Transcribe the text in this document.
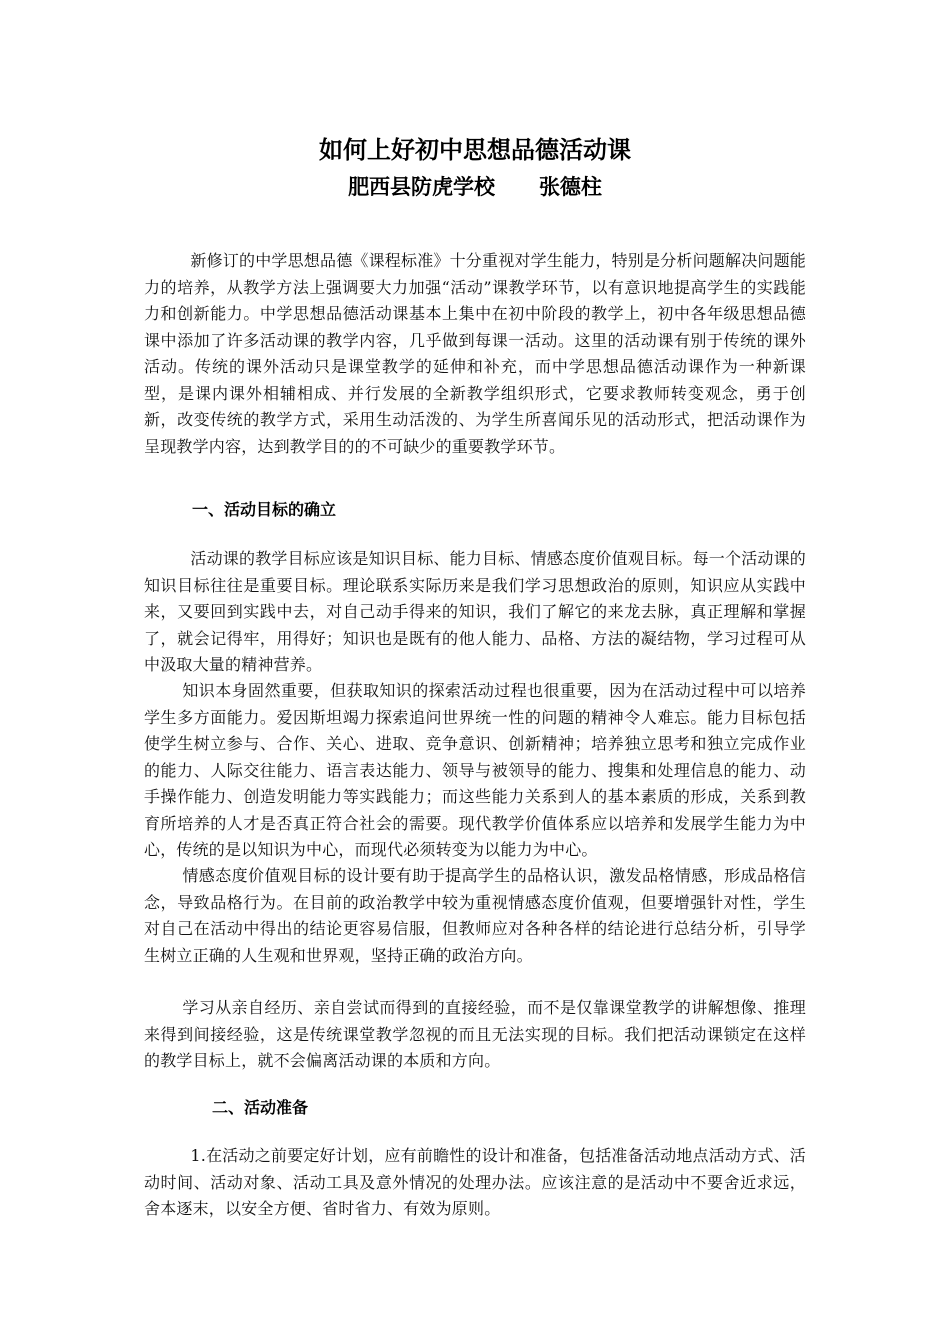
如何上好初中思想品德活动课
肥西县防虎学校 张德柱

新修订的中学思想品德《课程标准》十分重视对学生能力，特别是分析问题解决问题能力的培养，从教学方法上强调要大力加强“活动”课教学环节，以有意识地提高学生的实践能力和创新能力。中学思想品德活动课基本上集中在初中阶段的教学上，初中各年级思想品德课中添加了许多活动课的教学内容，几乎做到每课一活动。这里的活动课有别于传统的课外活动。传统的课外活动只是课堂教学的延伸和补充，而中学思想品德活动课作为一种新课型，是课内课外相辅相成、并行发展的全新教学组织形式，它要求教师转变观念，勇于创新，改变传统的教学方式，采用生动活泼的、为学生所喜闻乐见的活动形式，把活动课作为呈现教学内容，达到教学目的的不可缺少的重要教学环节。

一、活动目标的确立

活动课的教学目标应该是知识目标、能力目标、情感态度价值观目标。每一个活动课的知识目标往往是重要目标。理论联系实际历来是我们学习思想政治的原则，知识应从实践中来，又要回到实践中去，对自己动手得来的知识，我们了解它的来龙去脉，真正理解和掌握了，就会记得牢，用得好；知识也是既有的他人能力、品格、方法的凝结物，学习过程可从中汲取大量的精神营养。

知识本身固然重要，但获取知识的探索活动过程也很重要，因为在活动过程中可以培养学生多方面能力。爱因斯坦竭力探索追问世界统一性的问题的精神令人难忘。能力目标包括使学生树立参与、合作、关心、进取、竞争意识、创新精神；培养独立思考和独立完成作业的能力、人际交往能力、语言表达能力、领导与被领导的能力、搜集和处理信息的能力、动手操作能力、创造发明能力等实践能力；而这些能力关系到人的基本素质的形成，关系到教育所培养的人才是否真正符合社会的需要。现代教学价值体系应以培养和发展学生能力为中心，传统的是以知识为中心，而现代必须转变为以能力为中心。

情感态度价值观目标的设计要有助于提高学生的品格认识，激发品格情感，形成品格信念，导致品格行为。在目前的政治教学中较为重视情感态度价值观，但要增强针对性，学生对自己在活动中得出的结论更容易信服，但教师应对各种各样的结论进行总结分析，引导学生树立正确的人生观和世界观，坚持正确的政治方向。

学习从亲自经历、亲自尝试而得到的直接经验，而不是仅靠课堂教学的讲解想像、推理来得到间接经验，这是传统课堂教学忽视的而且无法实现的目标。我们把活动课锁定在这样的教学目标上，就不会偏离活动课的本质和方向。

二、活动准备

1.在活动之前要定好计划，应有前瞻性的设计和准备，包括准备活动地点活动方式、活动时间、活动对象、活动工具及意外情况的处理办法。应该注意的是活动中不要舍近求远，舍本逐末，以安全方便、省时省力、有效为原则。
